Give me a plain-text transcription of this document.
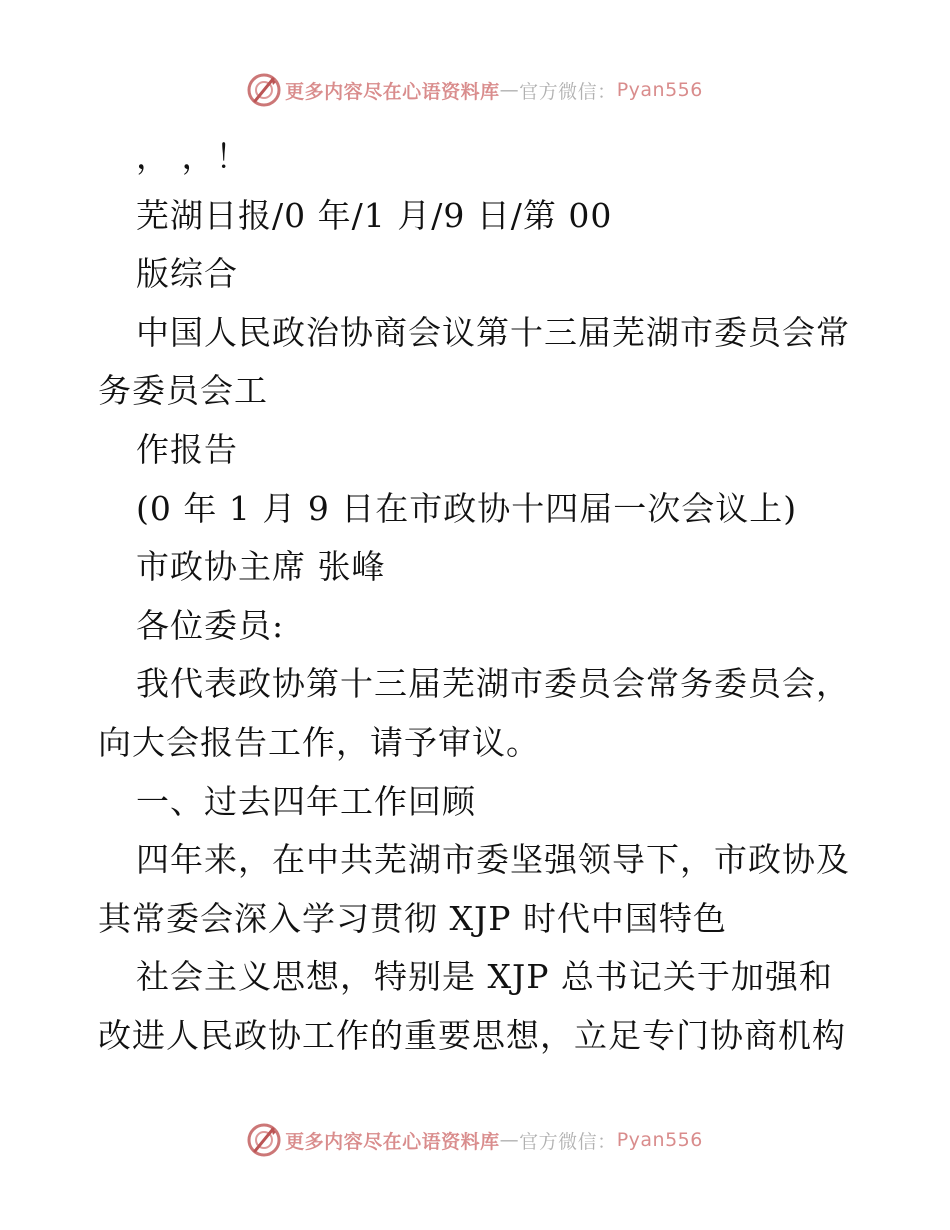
更多内容尽在心语资料库 — 官方微信： Pyan556
， ，！
芜湖日报/0 年/1 月/9 日/第 00
版综合
中国人民政治协商会议第十三届芜湖市委员会常
务委员会工
作报告
(0 年 1 月 9 日在市政协十四届一次会议上)
市政协主席 张峰
各位委员:
我代表政协第十三届芜湖市委员会常务委员会，
向大会报告工作，请予审议。
一、过去四年工作回顾
四年来，在中共芜湖市委坚强领导下，市政协及
其常委会深入学习贯彻 XJP 时代中国特色
社会主义思想，特别是 XJP 总书记关于加强和
改进人民政协工作的重要思想，立足专门协商机构
更多内容尽在心语资料库 — 官方微信： Pyan556
